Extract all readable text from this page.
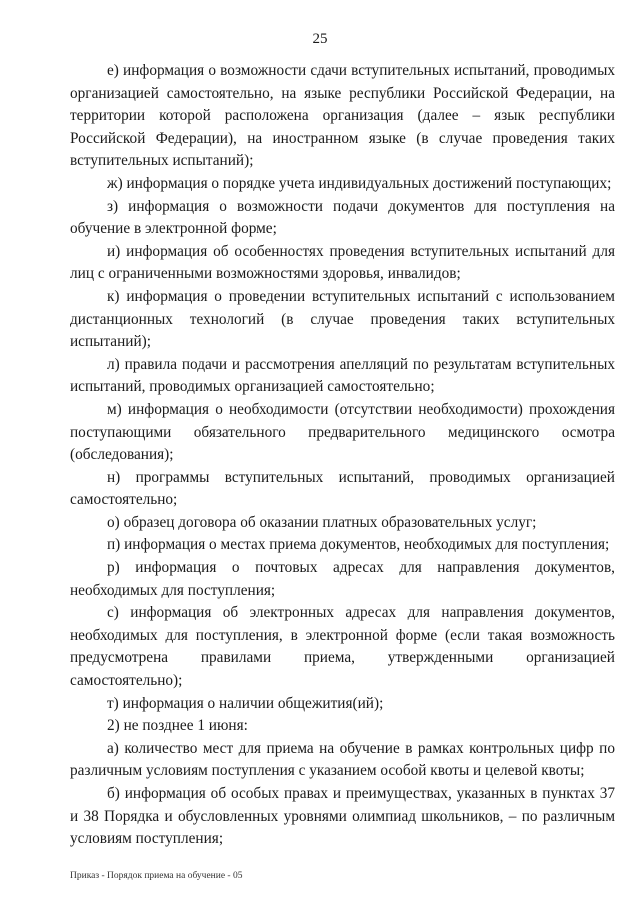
25

е) информация о возможности сдачи вступительных испытаний, проводимых организацией самостоятельно, на языке республики Российской Федерации, на территории которой расположена организация (далее – язык республики Российской Федерации), на иностранном языке (в случае проведения таких вступительных испытаний);

ж) информация о порядке учета индивидуальных достижений поступающих;

з) информация о возможности подачи документов для поступления на обучение в электронной форме;

и) информация об особенностях проведения вступительных испытаний для лиц с ограниченными возможностями здоровья, инвалидов;

к) информация о проведении вступительных испытаний с использованием дистанционных технологий (в случае проведения таких вступительных испытаний);

л) правила подачи и рассмотрения апелляций по результатам вступительных испытаний, проводимых организацией самостоятельно;

м) информация о необходимости (отсутствии необходимости) прохождения поступающими обязательного предварительного медицинского осмотра (обследования);

н) программы вступительных испытаний, проводимых организацией самостоятельно;

о) образец договора об оказании платных образовательных услуг;

п) информация о местах приема документов, необходимых для поступления;

р) информация о почтовых адресах для направления документов, необходимых для поступления;

с) информация об электронных адресах для направления документов, необходимых для поступления, в электронной форме (если такая возможность предусмотрена правилами приема, утвержденными организацией самостоятельно);

т) информация о наличии общежития(ий);

2) не позднее 1 июня:

а) количество мест для приема на обучение в рамках контрольных цифр по различным условиям поступления с указанием особой квоты и целевой квоты;

б) информация об особых правах и преимуществах, указанных в пунктах 37 и 38 Порядка и обусловленных уровнями олимпиад школьников, – по различным условиям поступления;

Приказ - Порядок приема на обучение - 05
